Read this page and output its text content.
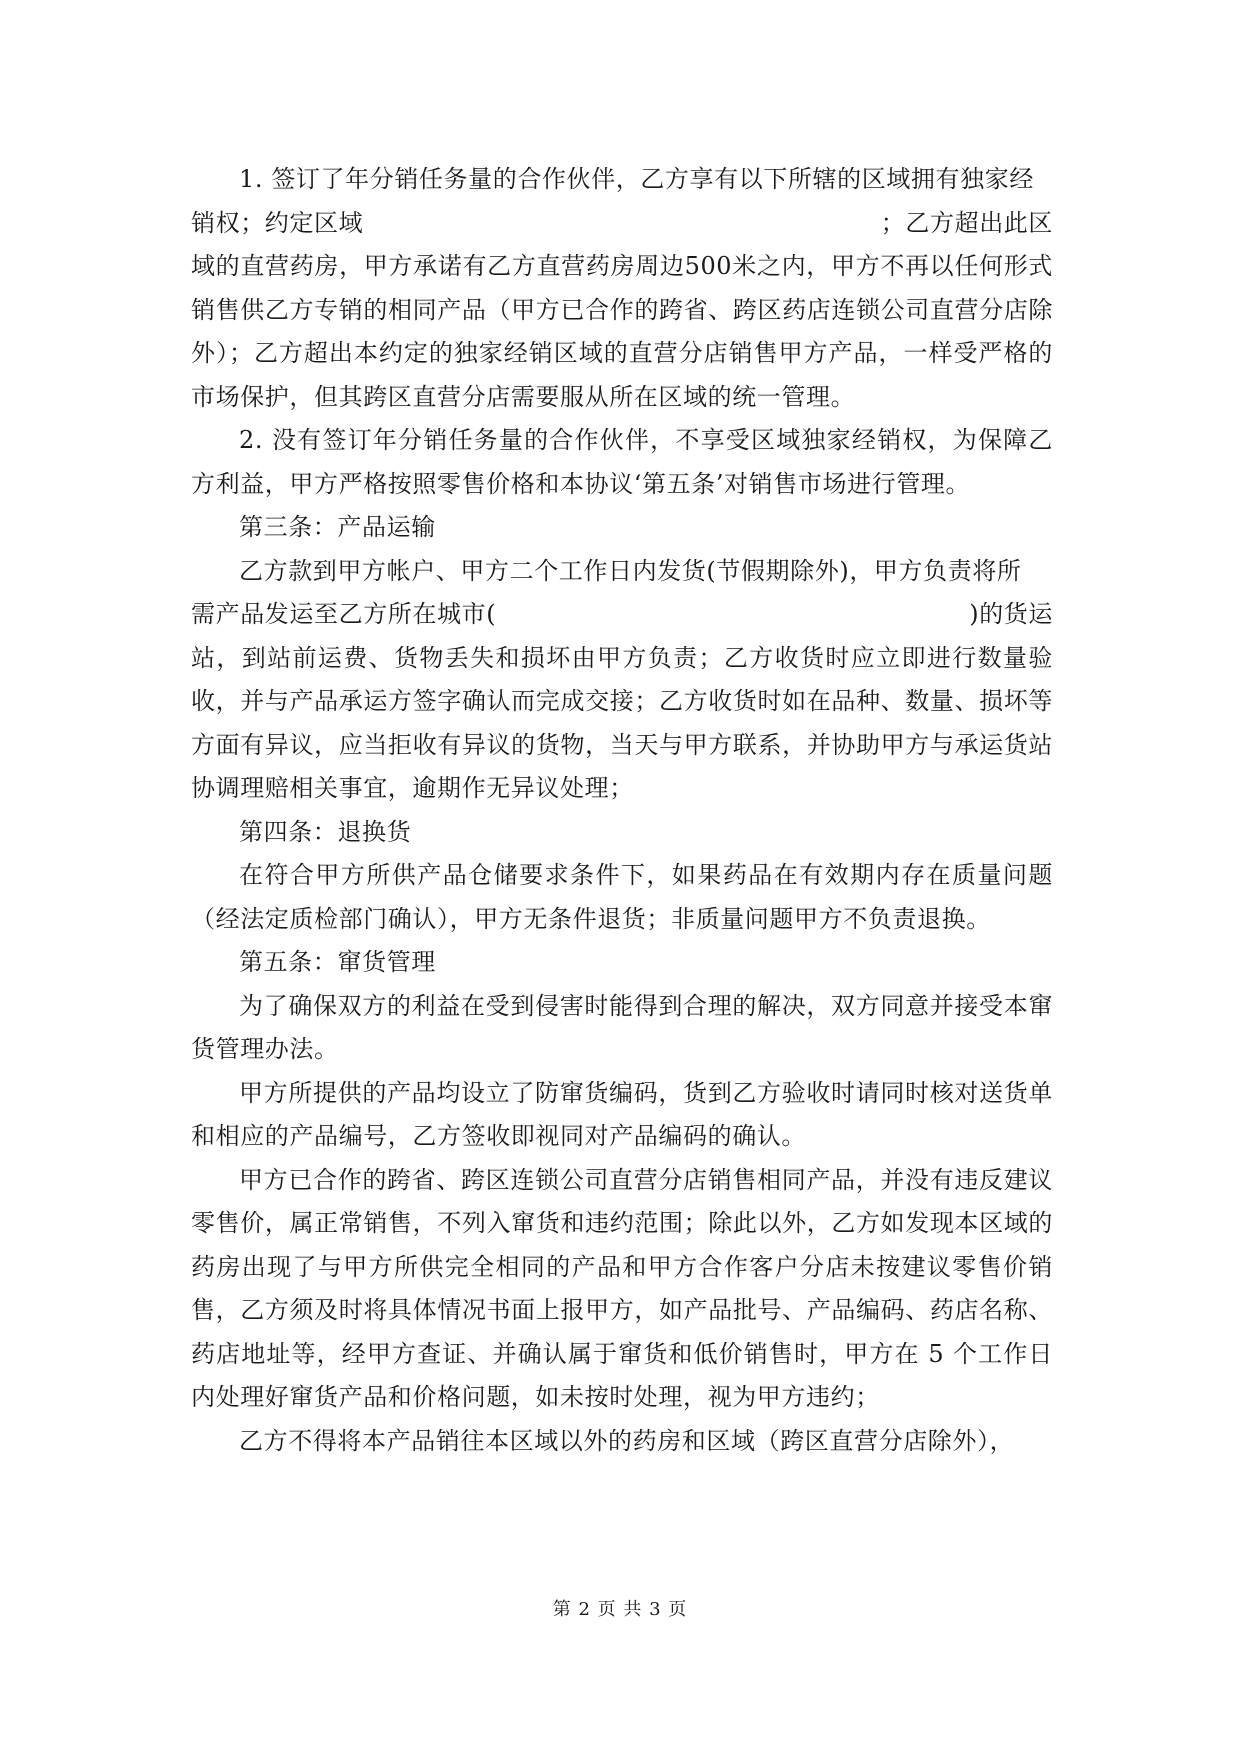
1. 签订了年分销任务量的合作伙伴，乙方享有以下所辖的区域拥有独家经

销权；约定区域	；乙方超出此区

域的直营药房，甲方承诺有乙方直营药房周边500米之内，甲方不再以任何形式销售供乙方专销的相同产品（甲方已合作的跨省、跨区药店连锁公司直营分店除外）；乙方超出本约定的独家经销区域的直营分店销售甲方产品，一样受严格的市场保护，但其跨区直营分店需要服从所在区域的统一管理。

2. 没有签订年分销任务量的合作伙伴，不享受区域独家经销权，为保障乙方利益，甲方严格按照零售价格和本协议‘第五条’对销售市场进行管理。

第三条：产品运输

乙方款到甲方帐户、甲方二个工作日内发货(节假期除外)，甲方负责将所

需产品发运至乙方所在城市(	)的货运

站，到站前运费、货物丢失和损坏由甲方负责；乙方收货时应立即进行数量验收，并与产品承运方签字确认而完成交接；乙方收货时如在品种、数量、损坏等方面有异议，应当拒收有异议的货物，当天与甲方联系，并协助甲方与承运货站协调理赔相关事宜，逾期作无异议处理；

第四条：退换货

在符合甲方所供产品仓储要求条件下，如果药品在有效期内存在质量问题（经法定质检部门确认），甲方无条件退货；非质量问题甲方不负责退换。

第五条：窜货管理

为了确保双方的利益在受到侵害时能得到合理的解决，双方同意并接受本窜货管理办法。

甲方所提供的产品均设立了防窜货编码，货到乙方验收时请同时核对送货单和相应的产品编号，乙方签收即视同对产品编码的确认。

甲方已合作的跨省、跨区连锁公司直营分店销售相同产品，并没有违反建议零售价，属正常销售，不列入窜货和违约范围；除此以外，乙方如发现本区域的药房出现了与甲方所供完全相同的产品和甲方合作客户分店未按建议零售价销售，乙方须及时将具体情况书面上报甲方，如产品批号、产品编码、药店名称、药店地址等，经甲方查证、并确认属于窜货和低价销售时，甲方在 5 个工作日内处理好窜货产品和价格问题，如未按时处理，视为甲方违约；

乙方不得将本产品销往本区域以外的药房和区域（跨区直营分店除外），

第 2 页 共 3 页
